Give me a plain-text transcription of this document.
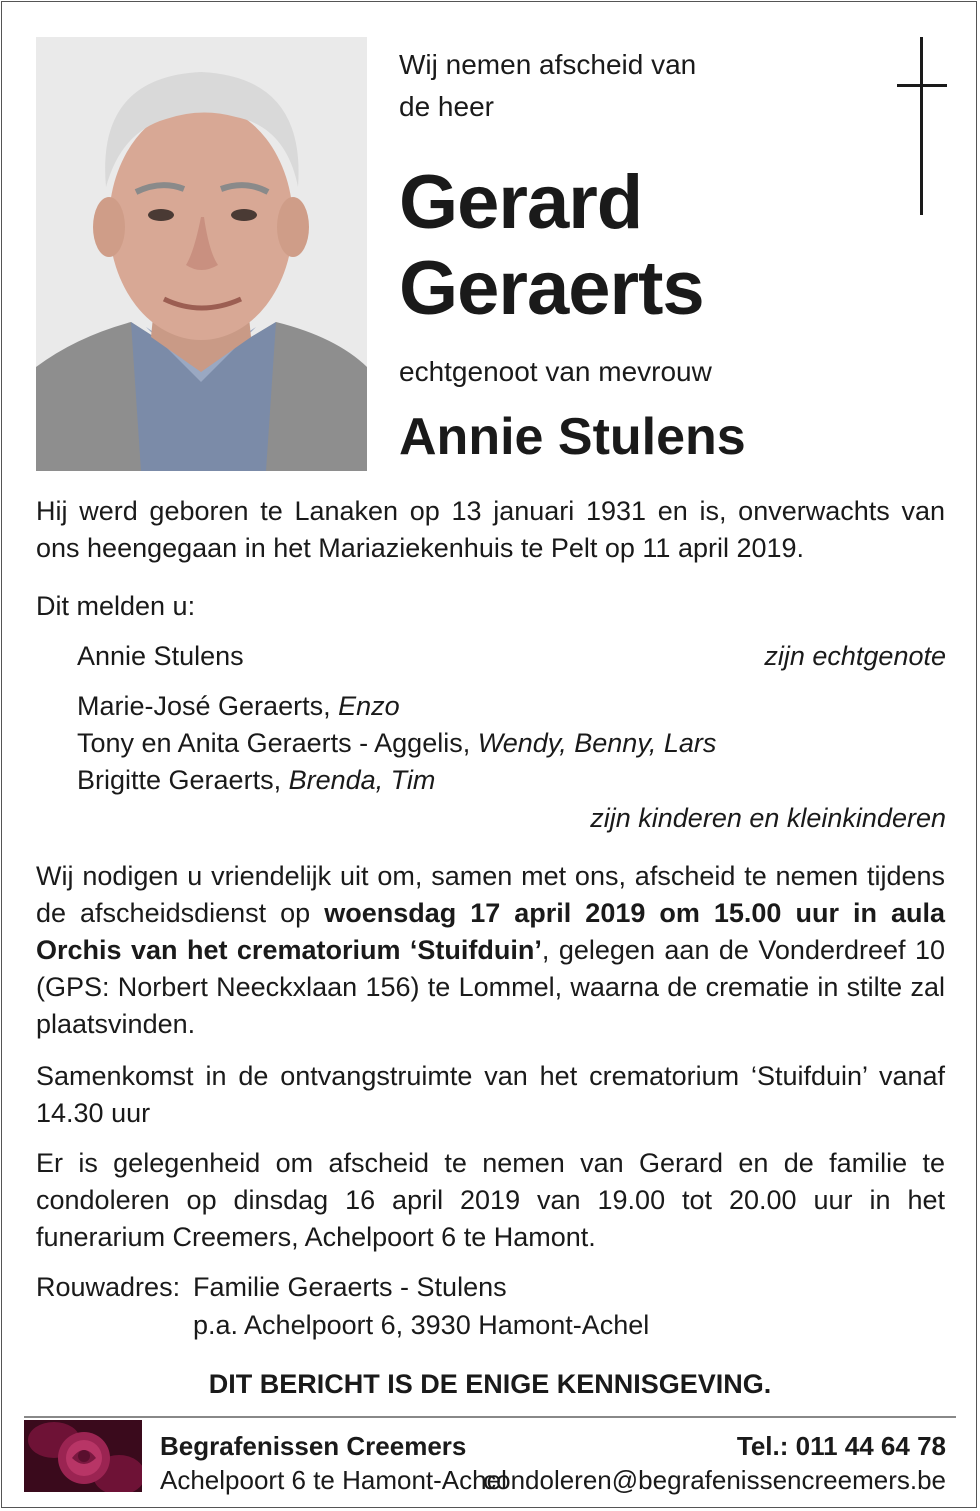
Wij nemen afscheid van
de heer
Gerard
Geraerts
echtgenoot van mevrouw
Annie Stulens
Hij werd geboren te Lanaken op 13 januari 1931 en is, onverwachts van ons heengegaan in het Mariaziekenhuis te Pelt op 11 april 2019.
Dit melden u:
Annie Stulens	zijn echtgenote
Marie-José Geraerts, Enzo
Tony en Anita Geraerts - Aggelis, Wendy, Benny, Lars
Brigitte Geraerts, Brenda, Tim
zijn kinderen en kleinkinderen
Wij nodigen u vriendelijk uit om, samen met ons, afscheid te nemen tijdens de afscheidsdienst op woensdag 17 april 2019 om 15.00 uur in aula Orchis van het crematorium ‘Stuifduin’, gelegen aan de Vonderdreef 10 (GPS: Norbert Neeckxlaan 156) te Lommel, waarna de crematie in stilte zal plaatsvinden.
Samenkomst in de ontvangstruimte van het crematorium ‘Stuifduin’ vanaf 14.30 uur
Er is gelegenheid om afscheid te nemen van Gerard en de familie te condoleren op dinsdag 16 april 2019 van 19.00 tot 20.00 uur in het funerarium Creemers, Achelpoort 6 te Hamont.
Rouwadres: Familie Geraerts - Stulens
p.a. Achelpoort 6, 3930 Hamont-Achel
DIT BERICHT IS DE ENIGE KENNISGEVING.
Begrafenissen Creemers
Achelpoort 6 te Hamont-Achel
Tel.: 011 44 64 78
condoleren@begrafenissencreemers.be
